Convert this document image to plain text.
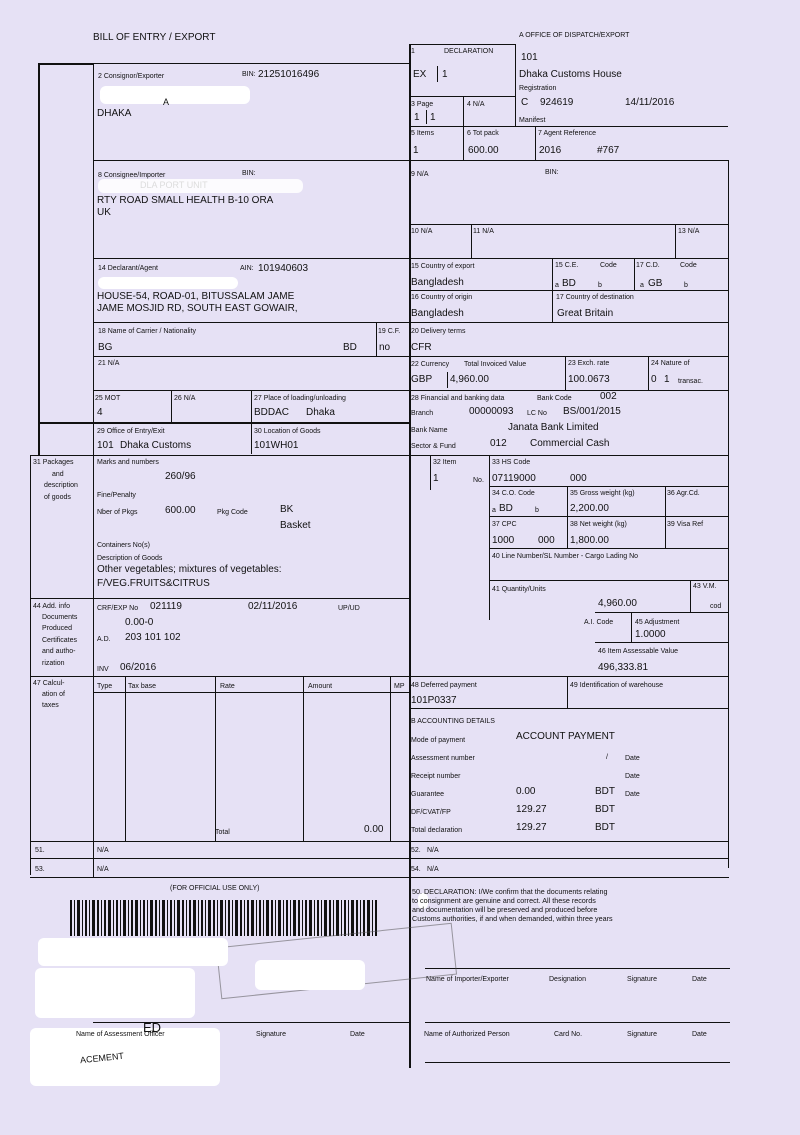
BILL OF ENTRY / EXPORT	A OFFICE OF DISPATCH/EXPORT
1	DECLARATION
EX 1
101
Dhaka Customs House
Registration
C 924619	14/11/2016
Manifest
2 Consignor/Exporter	BIN: 21251016496
A
DHAKA
3 Page
1 1
4 N/A
5 Items
1
6 Tot pack
600.00
7 Agent Reference
2016	#767
8 Consignee/Importer	BIN:
RTY ROAD SMALL HEALTH B-10 ORA
UK
9 N/A	BIN:
10 N/A	11 N/A	13 N/A
14 Declarant/Agent	AIN: 101940603
HOUSE-54, ROAD-01, BITUSSALAM JAME
JAME MOSJID RD, SOUTH EAST GOWAIR,
15 Country of export
Bangladesh
15 C.E.	Code
a BD	b
17 C.D.	Code
a GB	b
16 Country of origin
Bangladesh
17 Country of destination
Great Britain
18 Name of Carrier / Nationality
BG	BD
19 C.F.
no
20 Delivery terms
CFR
21 N/A	22 Currency Total Invoiced Value
GBP 4,960.00
23 Exch. rate
100.0673
24 Nature of
0 1 transac.
25 MOT
4
26 N/A	27 Place of loading/unloading
BDDAC Dhaka
28 Financial and banking data	Bank Code	002
Branch	00000093 LC No BS/001/2015
Bank Name	Janata Bank Limited
Sector & Fund	012 Commercial Cash
29 Office of Entry/Exit
101 Dhaka Customs
30 Location of Goods
101WH01
31 Packages
and
description
of goods
Marks and numbers
260/96
Fine/Penalty
Nber of Pkgs	600.00	Pkg Code	BK
Basket
Containers No(s)
Description of Goods
Other vegetables; mixtures of vegetables:
F/VEG.FRUITS&CITRUS
32 Item
1	No.
33 HS Code
07119000	000
34 C.O. Code
a BD	b
35 Gross weight (kg)
2,200.00
36 Agr.Cd.
37 CPC
1000 000
38 Net weight (kg)
1,800.00
39 Visa Ref
40 Line Number/SL Number - Cargo Lading No
41 Quantity/Units
4,960.00
43 V.M.
cod
44 Add. info
Documents
Produced
Certificates
and autho-
rization
CRF/EXP No 021119	02/11/2016	UP/UD
0.00-0
A.D. 203 101 102
INV 06/2016
A.I. Code	45 Adjustment
1.0000
46 Item Assessable Value
496,333.81
47 Calcul-
ation of
taxes
Type Tax base	Rate	Amount	MP
Total	0.00
48 Deferred payment
101P0337
49 Identification of warehouse
B ACCOUNTING DETAILS
Mode of payment	ACCOUNT PAYMENT
Assessment number	/ Date
Receipt number	Date
Guarantee	0.00	BDT Date
DF/CVAT/FP	129.27	BDT
Total declaration	129.27	BDT
51.	N/A	52. N/A
53.	N/A	54. N/A
(FOR OFFICIAL USE ONLY)
ED
ACEMENT
50. DECLARATION: I/We confirm that the documents relating
to consignment are genuine and correct. All these records
and documentation will be preserved and produced before
Customs authorities, if and when demanded, within three years
Name of Importer/Exporter	Designation	Signature	Date
Name of Assessment Officer	Signature	Date	Name of Authorized Person	Card No.	Signature	Date
